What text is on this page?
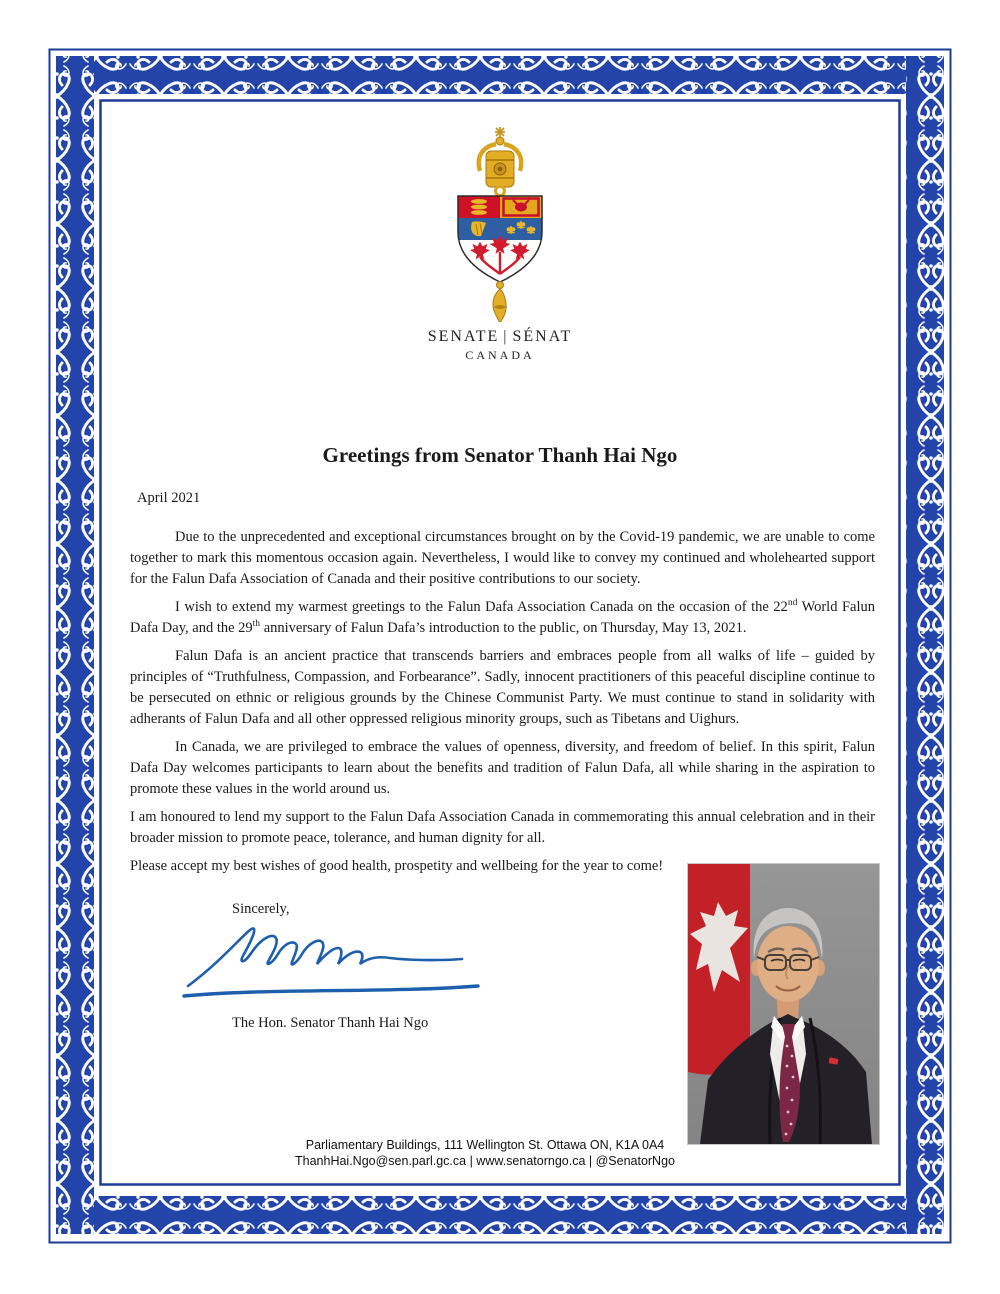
SENATE | SÉNAT
CANADA
Greetings from Senator Thanh Hai Ngo
April 2021

Due to the unprecedented and exceptional circumstances brought on by the Covid-19 pandemic, we are unable to come together to mark this momentous occasion again. Nevertheless, I would like to convey my continued and wholehearted support for the Falun Dafa Association of Canada and their positive contributions to our society.

I wish to extend my warmest greetings to the Falun Dafa Association Canada on the occasion of the 22nd World Falun Dafa Day, and the 29th anniversary of Falun Dafa’s introduction to the public, on Thursday, May 13, 2021.

Falun Dafa is an ancient practice that transcends barriers and embraces people from all walks of life – guided by principles of “Truthfulness, Compassion, and Forbearance”. Sadly, innocent practitioners of this peaceful discipline continue to be persecuted on ethnic or religious grounds by the Chinese Communist Party. We must continue to stand in solidarity with adherants of Falun Dafa and all other oppressed religious minority groups, such as Tibetans and Uighurs.

In Canada, we are privileged to embrace the values of openness, diversity, and freedom of belief. In this spirit, Falun Dafa Day welcomes participants to learn about the benefits and tradition of Falun Dafa, all while sharing in the aspiration to promote these values in the world around us.

I am honoured to lend my support to the Falun Dafa Association Canada in commemorating this annual celebration and in their broader mission to promote peace, tolerance, and human dignity for all.

Please accept my best wishes of good health, prospetity and wellbeing for the year to come!

Sincerely,
The Hon. Senator Thanh Hai Ngo
Parliamentary Buildings, 111 Wellington St. Ottawa ON, K1A 0A4
ThanhHai.Ngo@sen.parl.gc.ca | www.senatorngo.ca | @SenatorNgo
